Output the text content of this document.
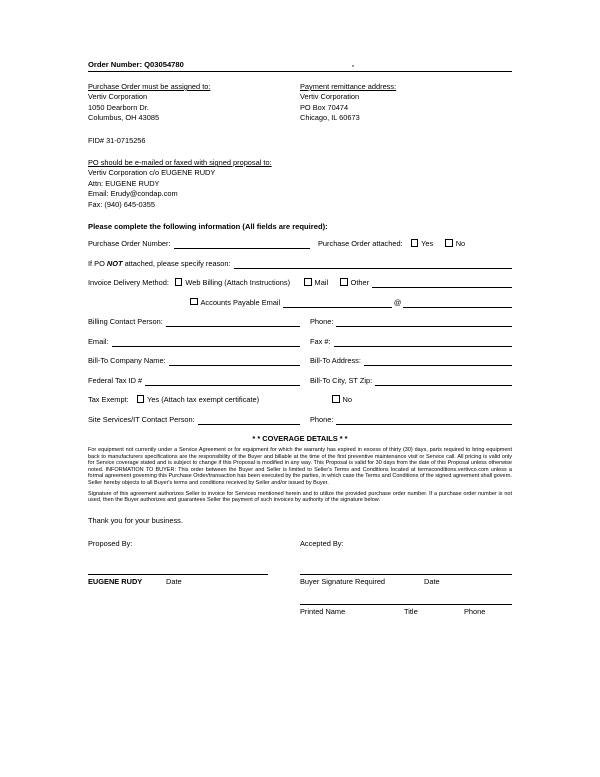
Order Number: Q03054780
Purchase Order must be assigned to:
Vertiv Corporation
1050 Dearborn Dr.
Columbus, OH 43085
Payment remittance address:
Vertiv Corporation
PO Box 70474
Chicago, IL 60673
FID# 31-0715256
PO should be e-mailed or faxed with signed proposal to:
Vertiv Corporation c/o EUGENE RUDY
Attn: EUGENE RUDY
Email: Erudy@condap.com
Fax: (940) 645-0355
Please complete the following information (All fields are required):
Purchase Order Number:	Purchase Order attached:	Yes	No
If PO NOT attached, please specify reason:
Invoice Delivery Method:	Web Billing (Attach Instructions)	Mail	Other
Accounts Payable Email	@
Billing Contact Person:	Phone:
Email:	Fax #:
Bill-To Company Name:	Bill-To Address:
Federal Tax ID #	Bill-To City, ST Zip:
Tax Exempt:	Yes (Attach tax exempt certificate)	No
Site Services/IT Contact Person:	Phone:
* * COVERAGE DETAILS * *

For equipment not currently under a Service Agreement or for equipment for which the warranty has expired in excess of thirty (30) days, parts required to bring equipment back to manufacturers specifications are the responsibility of the Buyer and billable at the time of the first preventive maintenance visit or Service call. All pricing is valid only for Service coverage stated and is subject to change if this Proposal is modified in any way. This Proposal is valid for 30 days from the date of this Proposal unless otherwise noted. INFORMATION TO BUYER: This order between the Buyer and Seller is limited to Seller's Terms and Conditions located at termsconditions.vertivco.com unless a formal agreement governing this Purchase Order/transaction has been executed by the parties, in which case the Terms and Conditions of the signed agreement shall govern. Seller hereby objects to all Buyer's terms and conditions received by Seller and/or issued by Buyer.

Signature of this agreement authorizes Seller to invoice for Services mentioned herein and to utilize the provided purchase order number. If a purchase order number is not used, then the Buyer authorizes and guarantees Seller the payment of such invoices by authority of the signature below.

Thank you for your business.
Proposed By:	Accepted By:
EUGENE RUDY	Date	Buyer Signature Required	Date
Printed Name	Title	Phone
